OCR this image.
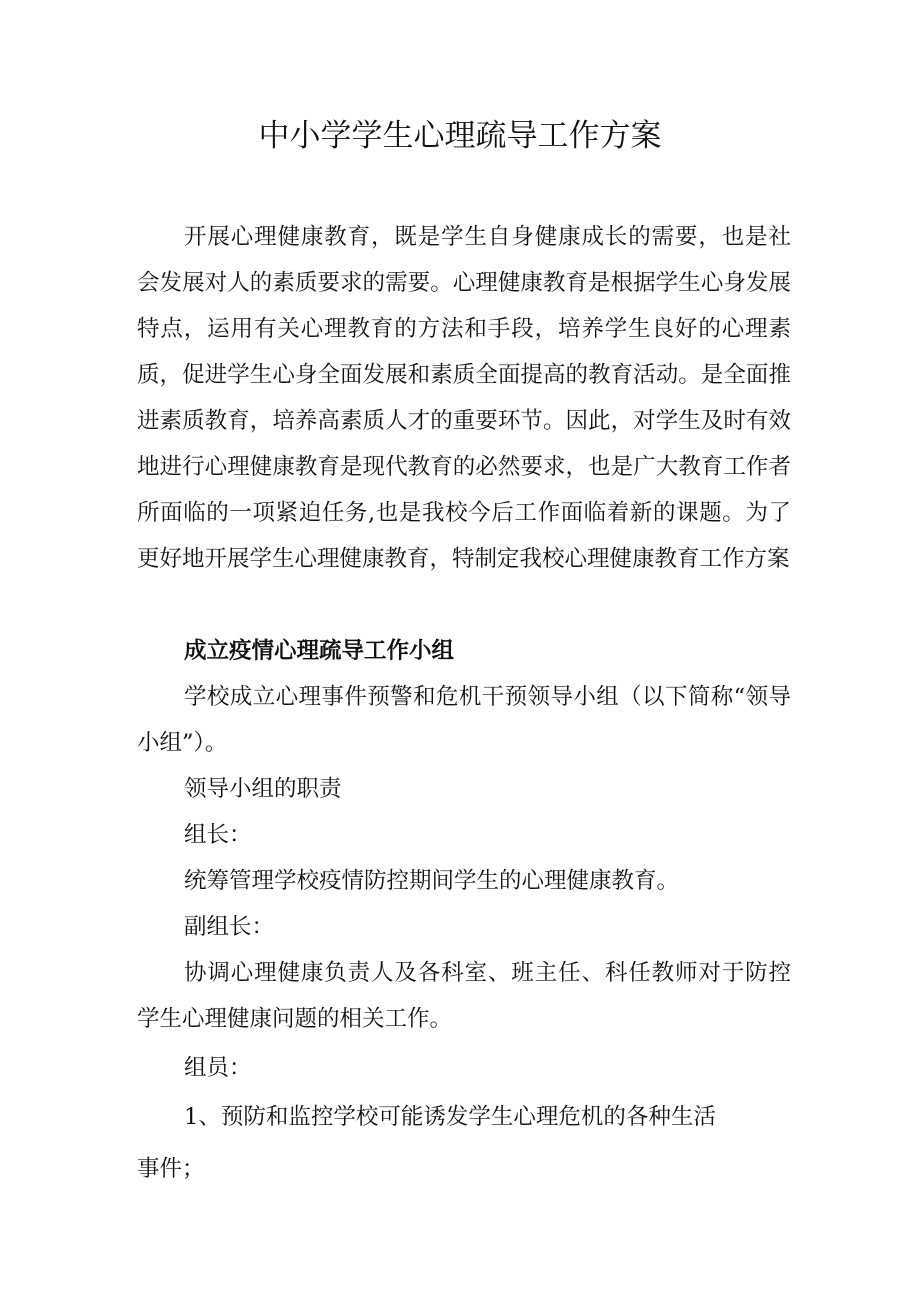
中小学学生心理疏导工作方案

开展心理健康教育，既是学生自身健康成长的需要，也是社会发展对人的素质要求的需要。心理健康教育是根据学生心身发展特点，运用有关心理教育的方法和手段，培养学生良好的心理素质，促进学生心身全面发展和素质全面提高的教育活动。是全面推进素质教育，培养高素质人才的重要环节。因此，对学生及时有效地进行心理健康教育是现代教育的必然要求，也是广大教育工作者所面临的一项紧迫任务,也是我校今后工作面临着新的课题。为了更好地开展学生心理健康教育，特制定我校心理健康教育工作方案

成立疫情心理疏导工作小组

学校成立心理事件预警和危机干预领导小组（以下简称“领导小组”）。

领导小组的职责

组长：

统筹管理学校疫情防控期间学生的心理健康教育。

副组长：

协调心理健康负责人及各科室、班主任、科任教师对于防控学生心理健康问题的相关工作。

组员：

1、预防和监控学校可能诱发学生心理危机的各种生活

事件；
